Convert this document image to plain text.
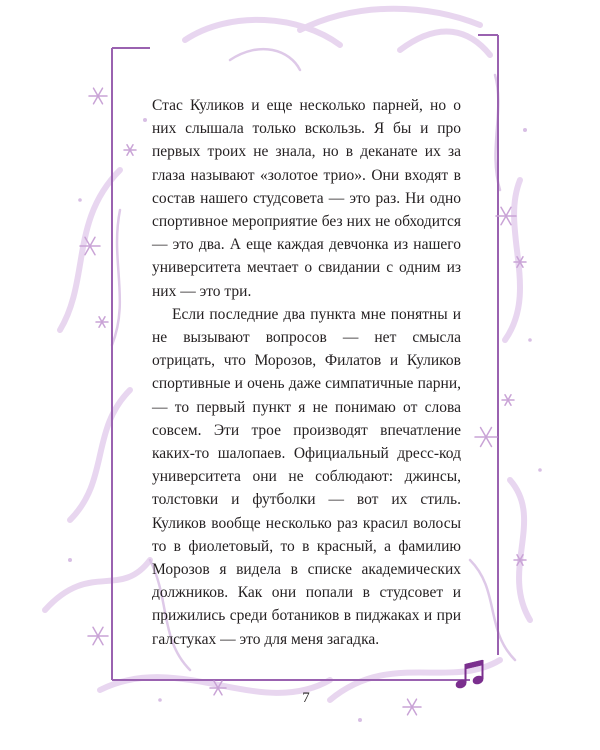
Стас Куликов и еще несколько парней, но о них слышала только вскользь. Я бы и про первых троих не знала, но в деканате их за глаза называют «золотое трио». Они входят в состав нашего студсовета — это раз. Ни одно спортивное мероприятие без них не обходится — это два. А еще каждая девчонка из нашего университета мечтает о свидании с одним из них — это три.

Если последние два пункта мне понятны и не вызывают вопросов — нет смысла отрицать, что Морозов, Филатов и Куликов спортивные и очень даже симпатичные парни, — то первый пункт я не понимаю от слова совсем. Эти трое производят впечатление каких-то шалопаев. Официальный дресс-код университета они не соблюдают: джинсы, толстовки и футболки — вот их стиль. Куликов вообще несколько раз красил волосы то в фиолетовый, то в красный, а фамилию Морозов я видела в списке академических должников. Как они попали в студсовет и прижились среди ботаников в пиджаках и при галстуках — это для меня загадка.

7
